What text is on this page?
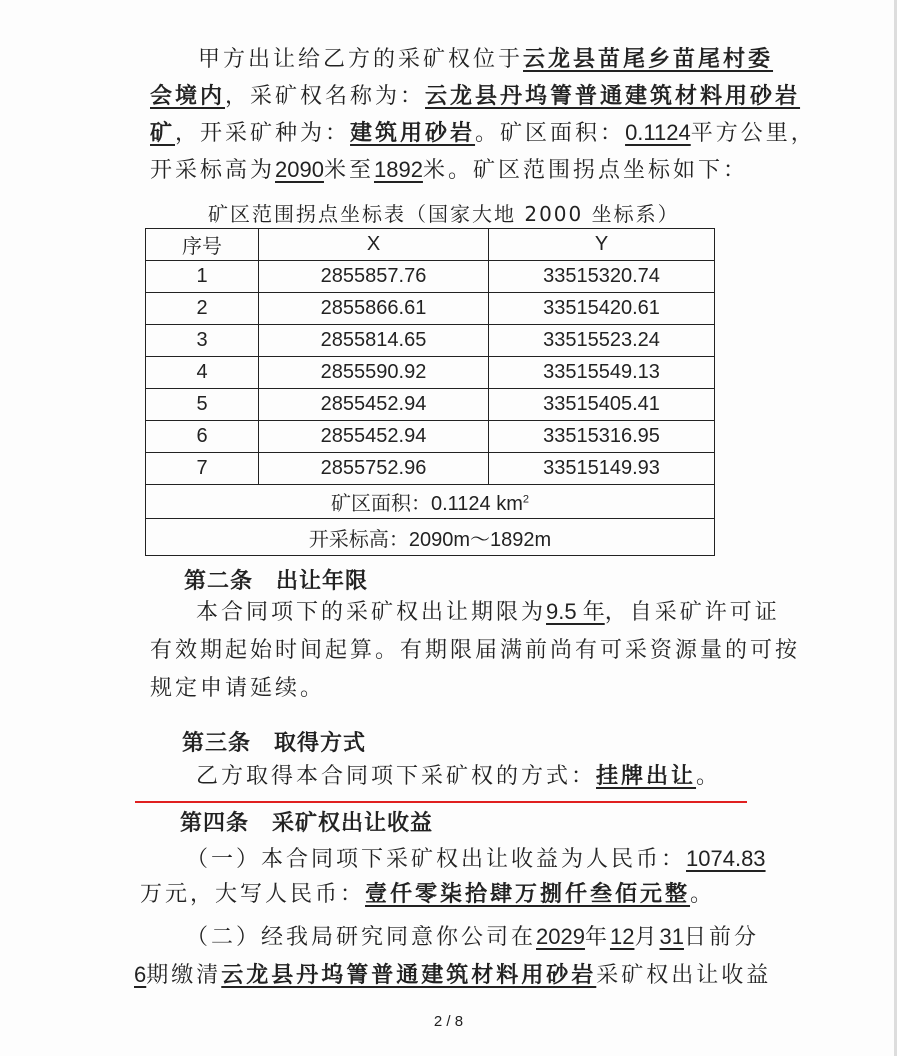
甲方出让给乙方的采矿权位于云龙县苗尾乡苗尾村委
会境内，采矿权名称为：云龙县丹坞箐普通建筑材料用砂岩
矿，开采矿种为：建筑用砂岩。矿区面积：0.1124平方公里，
开采标高为2090米至1892米。矿区范围拐点坐标如下：
本合同项下的采矿权出让期限为9.5 年，自采矿许可证
有效期起始时间起算。有期限届满前尚有可采资源量的可按
规定申请延续。
乙方取得本合同项下采矿权的方式：挂牌出让。
（一）本合同项下采矿权出让收益为人民币：1074.83
万元，大写人民币：壹仟零柒拾肆万捌仟叁佰元整。
（二）经我局研究同意你公司在2029年12月31日前分
6期缴清云龙县丹坞箐普通建筑材料用砂岩采矿权出让收益
第二条　出让年限
第三条　取得方式
第四条　采矿权出让收益
矿区范围拐点坐标表（国家大地 2000 坐标系）
序号	X	Y
1	2855857.76	33515320.74
2	2855866.61	33515420.61
3	2855814.65	33515523.24
4	2855590.92	33515549.13
5	2855452.94	33515405.41
6	2855452.94	33515316.95
7	2855752.96	33515149.93
矿区面积：0.1124 $km^2$
开采标高：2090m～1892m		
2 / 8
